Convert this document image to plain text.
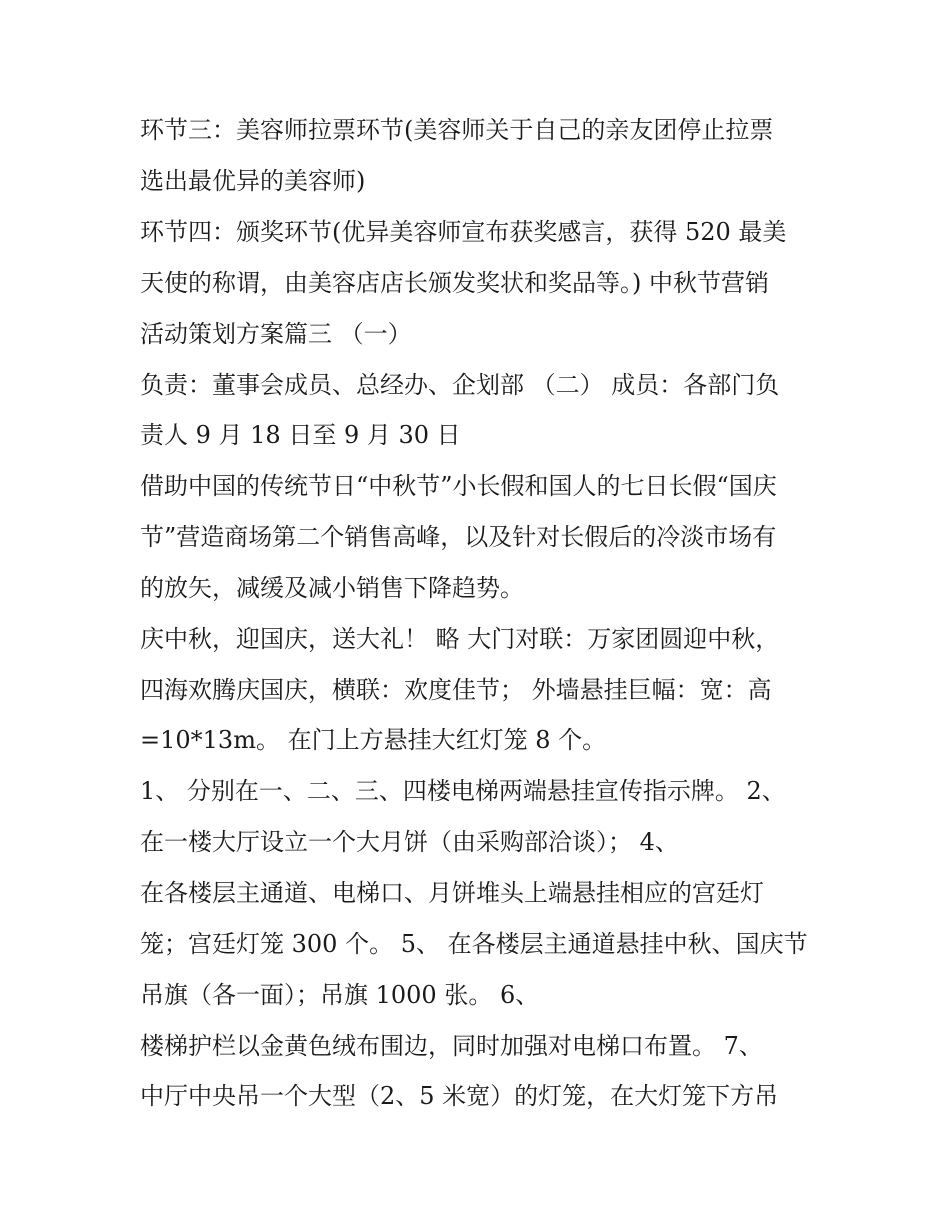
环节三：美容师拉票环节(美容师关于自己的亲友团停止拉票
选出最优异的美容师)
环节四：颁奖环节(优异美容师宣布获奖感言，获得 520 最美
天使的称谓，由美容店店长颁发奖状和奖品等。) 中秋节营销
活动策划方案篇三 （一）
负责：董事会成员、总经办、企划部 （二） 成员：各部门负
责人 9 月 18 日至 9 月 30 日
借助中国的传统节日“中秋节”小长假和国人的七日长假“国庆
节”营造商场第二个销售高峰，以及针对长假后的冷淡市场有
的放矢，减缓及减小销售下降趋势。
庆中秋，迎国庆，送大礼！ 略 大门对联：万家团圆迎中秋，
四海欢腾庆国庆，横联：欢度佳节； 外墙悬挂巨幅：宽：高
=10*13m。 在门上方悬挂大红灯笼 8 个。
1、 分别在一、二、三、四楼电梯两端悬挂宣传指示牌。 2、
在一楼大厅设立一个大月饼（由采购部洽谈）； 4、
在各楼层主通道、电梯口、月饼堆头上端悬挂相应的宫廷灯
笼；宫廷灯笼 300 个。 5、 在各楼层主通道悬挂中秋、国庆节
吊旗（各一面）；吊旗 1000 张。 6、
楼梯护栏以金黄色绒布围边，同时加强对电梯口布置。 7、
中厅中央吊一个大型（2、5 米宽）的灯笼，在大灯笼下方吊
